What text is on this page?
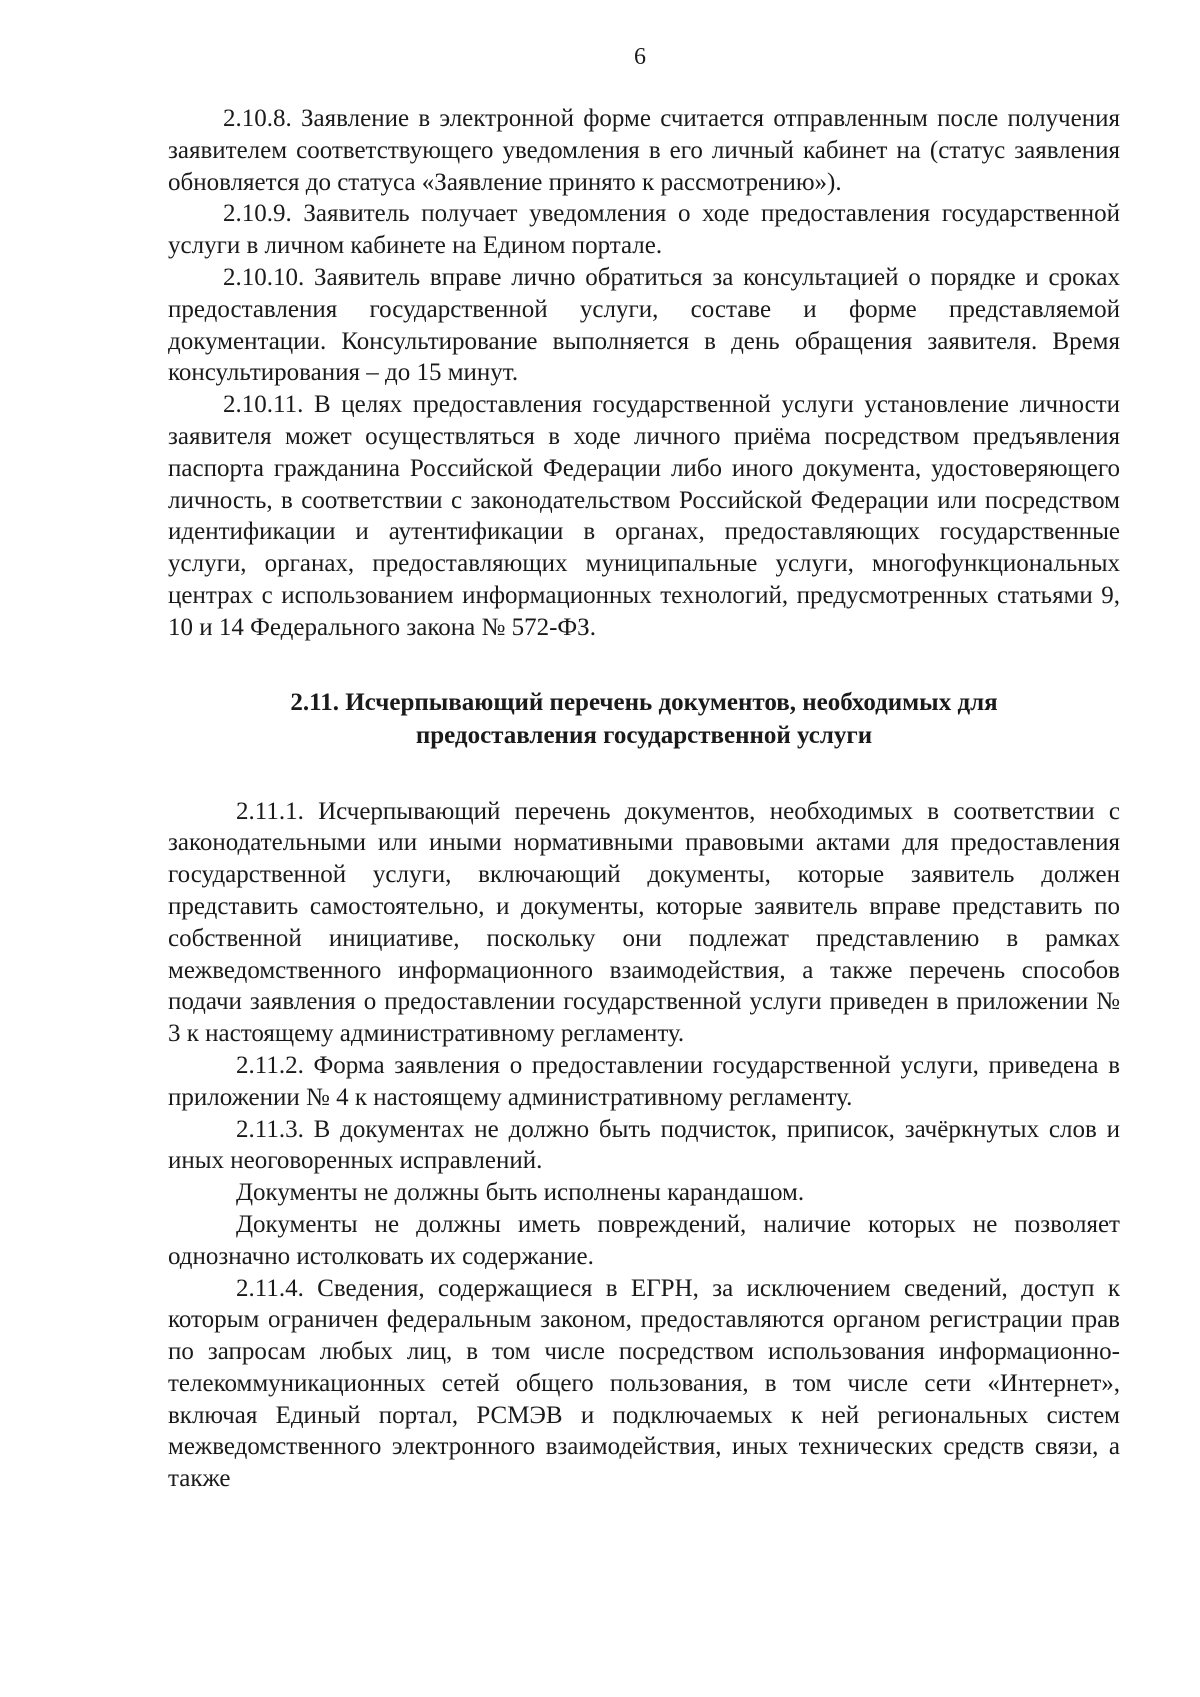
6

2.10.8. Заявление в электронной форме считается отправленным после получения заявителем соответствующего уведомления в его личный кабинет на (статус заявления обновляется до статуса «Заявление принято к рассмотрению»).

2.10.9. Заявитель получает уведомления о ходе предоставления государственной услуги в личном кабинете на Едином портале.

2.10.10. Заявитель вправе лично обратиться за консультацией о порядке и сроках предоставления государственной услуги, составе и форме представляемой документации. Консультирование выполняется в день обращения заявителя. Время консультирования – до 15 минут.

2.10.11. В целях предоставления государственной услуги установление личности заявителя может осуществляться в ходе личного приёма посредством предъявления паспорта гражданина Российской Федерации либо иного документа, удостоверяющего личность, в соответствии с законодательством Российской Федерации или посредством идентификации и аутентификации в органах, предоставляющих государственные услуги, органах, предоставляющих муниципальные услуги, многофункциональных центрах с использованием информационных технологий, предусмотренных статьями 9, 10 и 14 Федерального закона № 572-ФЗ.

2.11. Исчерпывающий перечень документов, необходимых для предоставления государственной услуги

2.11.1. Исчерпывающий перечень документов, необходимых в соответствии с законодательными или иными нормативными правовыми актами для предоставления государственной услуги, включающий документы, которые заявитель должен представить самостоятельно, и документы, которые заявитель вправе представить по собственной инициативе, поскольку они подлежат представлению в рамках межведомственного информационного взаимодействия, а также перечень способов подачи заявления о предоставлении государственной услуги приведен в приложении № 3 к настоящему административному регламенту.

2.11.2. Форма заявления о предоставлении государственной услуги, приведена в приложении № 4 к настоящему административному регламенту.

2.11.3. В документах не должно быть подчисток, приписок, зачёркнутых слов и иных неоговоренных исправлений.

Документы не должны быть исполнены карандашом.

Документы не должны иметь повреждений, наличие которых не позволяет однозначно истолковать их содержание.

2.11.4. Сведения, содержащиеся в ЕГРН, за исключением сведений, доступ к которым ограничен федеральным законом, предоставляются органом регистрации прав по запросам любых лиц, в том числе посредством использования информационно-телекоммуникационных сетей общего пользования, в том числе сети «Интернет», включая Единый портал, РСМЭВ и подключаемых к ней региональных систем межведомственного электронного взаимодействия, иных технических средств связи, а также
